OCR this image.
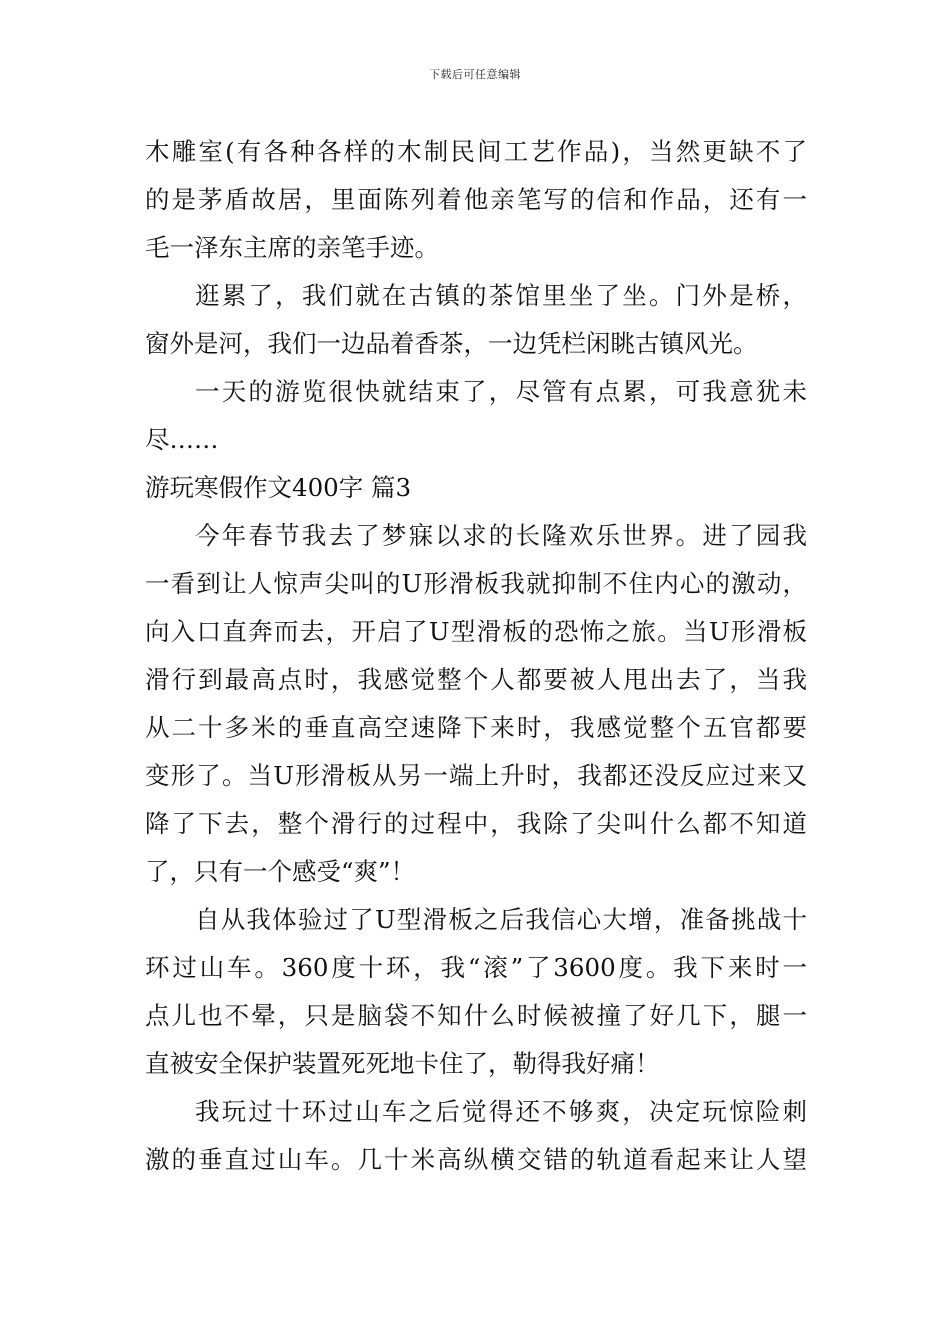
下载后可任意编辑
木雕室(有各种各样的木制民间工艺作品)，当然更缺不了
的是茅盾故居，里面陈列着他亲笔写的信和作品，还有一
毛一泽东主席的亲笔手迹。
逛累了，我们就在古镇的茶馆里坐了坐。门外是桥，
窗外是河，我们一边品着香茶，一边凭栏闲眺古镇风光。
一天的游览很快就结束了，尽管有点累，可我意犹未
尽……
游玩寒假作文400字 篇3
今年春节我去了梦寐以求的长隆欢乐世界。进了园我
一看到让人惊声尖叫的U形滑板我就抑制不住内心的激动，
向入口直奔而去，开启了U型滑板的恐怖之旅。当U形滑板
滑行到最高点时，我感觉整个人都要被人甩出去了，当我
从二十多米的垂直高空速降下来时，我感觉整个五官都要
变形了。当U形滑板从另一端上升时，我都还没反应过来又
降了下去，整个滑行的过程中，我除了尖叫什么都不知道
了，只有一个感受“爽”！
自从我体验过了U型滑板之后我信心大增，准备挑战十
环过山车。360度十环，我“滚”了3600度。我下来时一
点儿也不晕，只是脑袋不知什么时候被撞了好几下，腿一
直被安全保护装置死死地卡住了，勒得我好痛！
我玩过十环过山车之后觉得还不够爽，决定玩惊险刺
激的垂直过山车。几十米高纵横交错的轨道看起来让人望
